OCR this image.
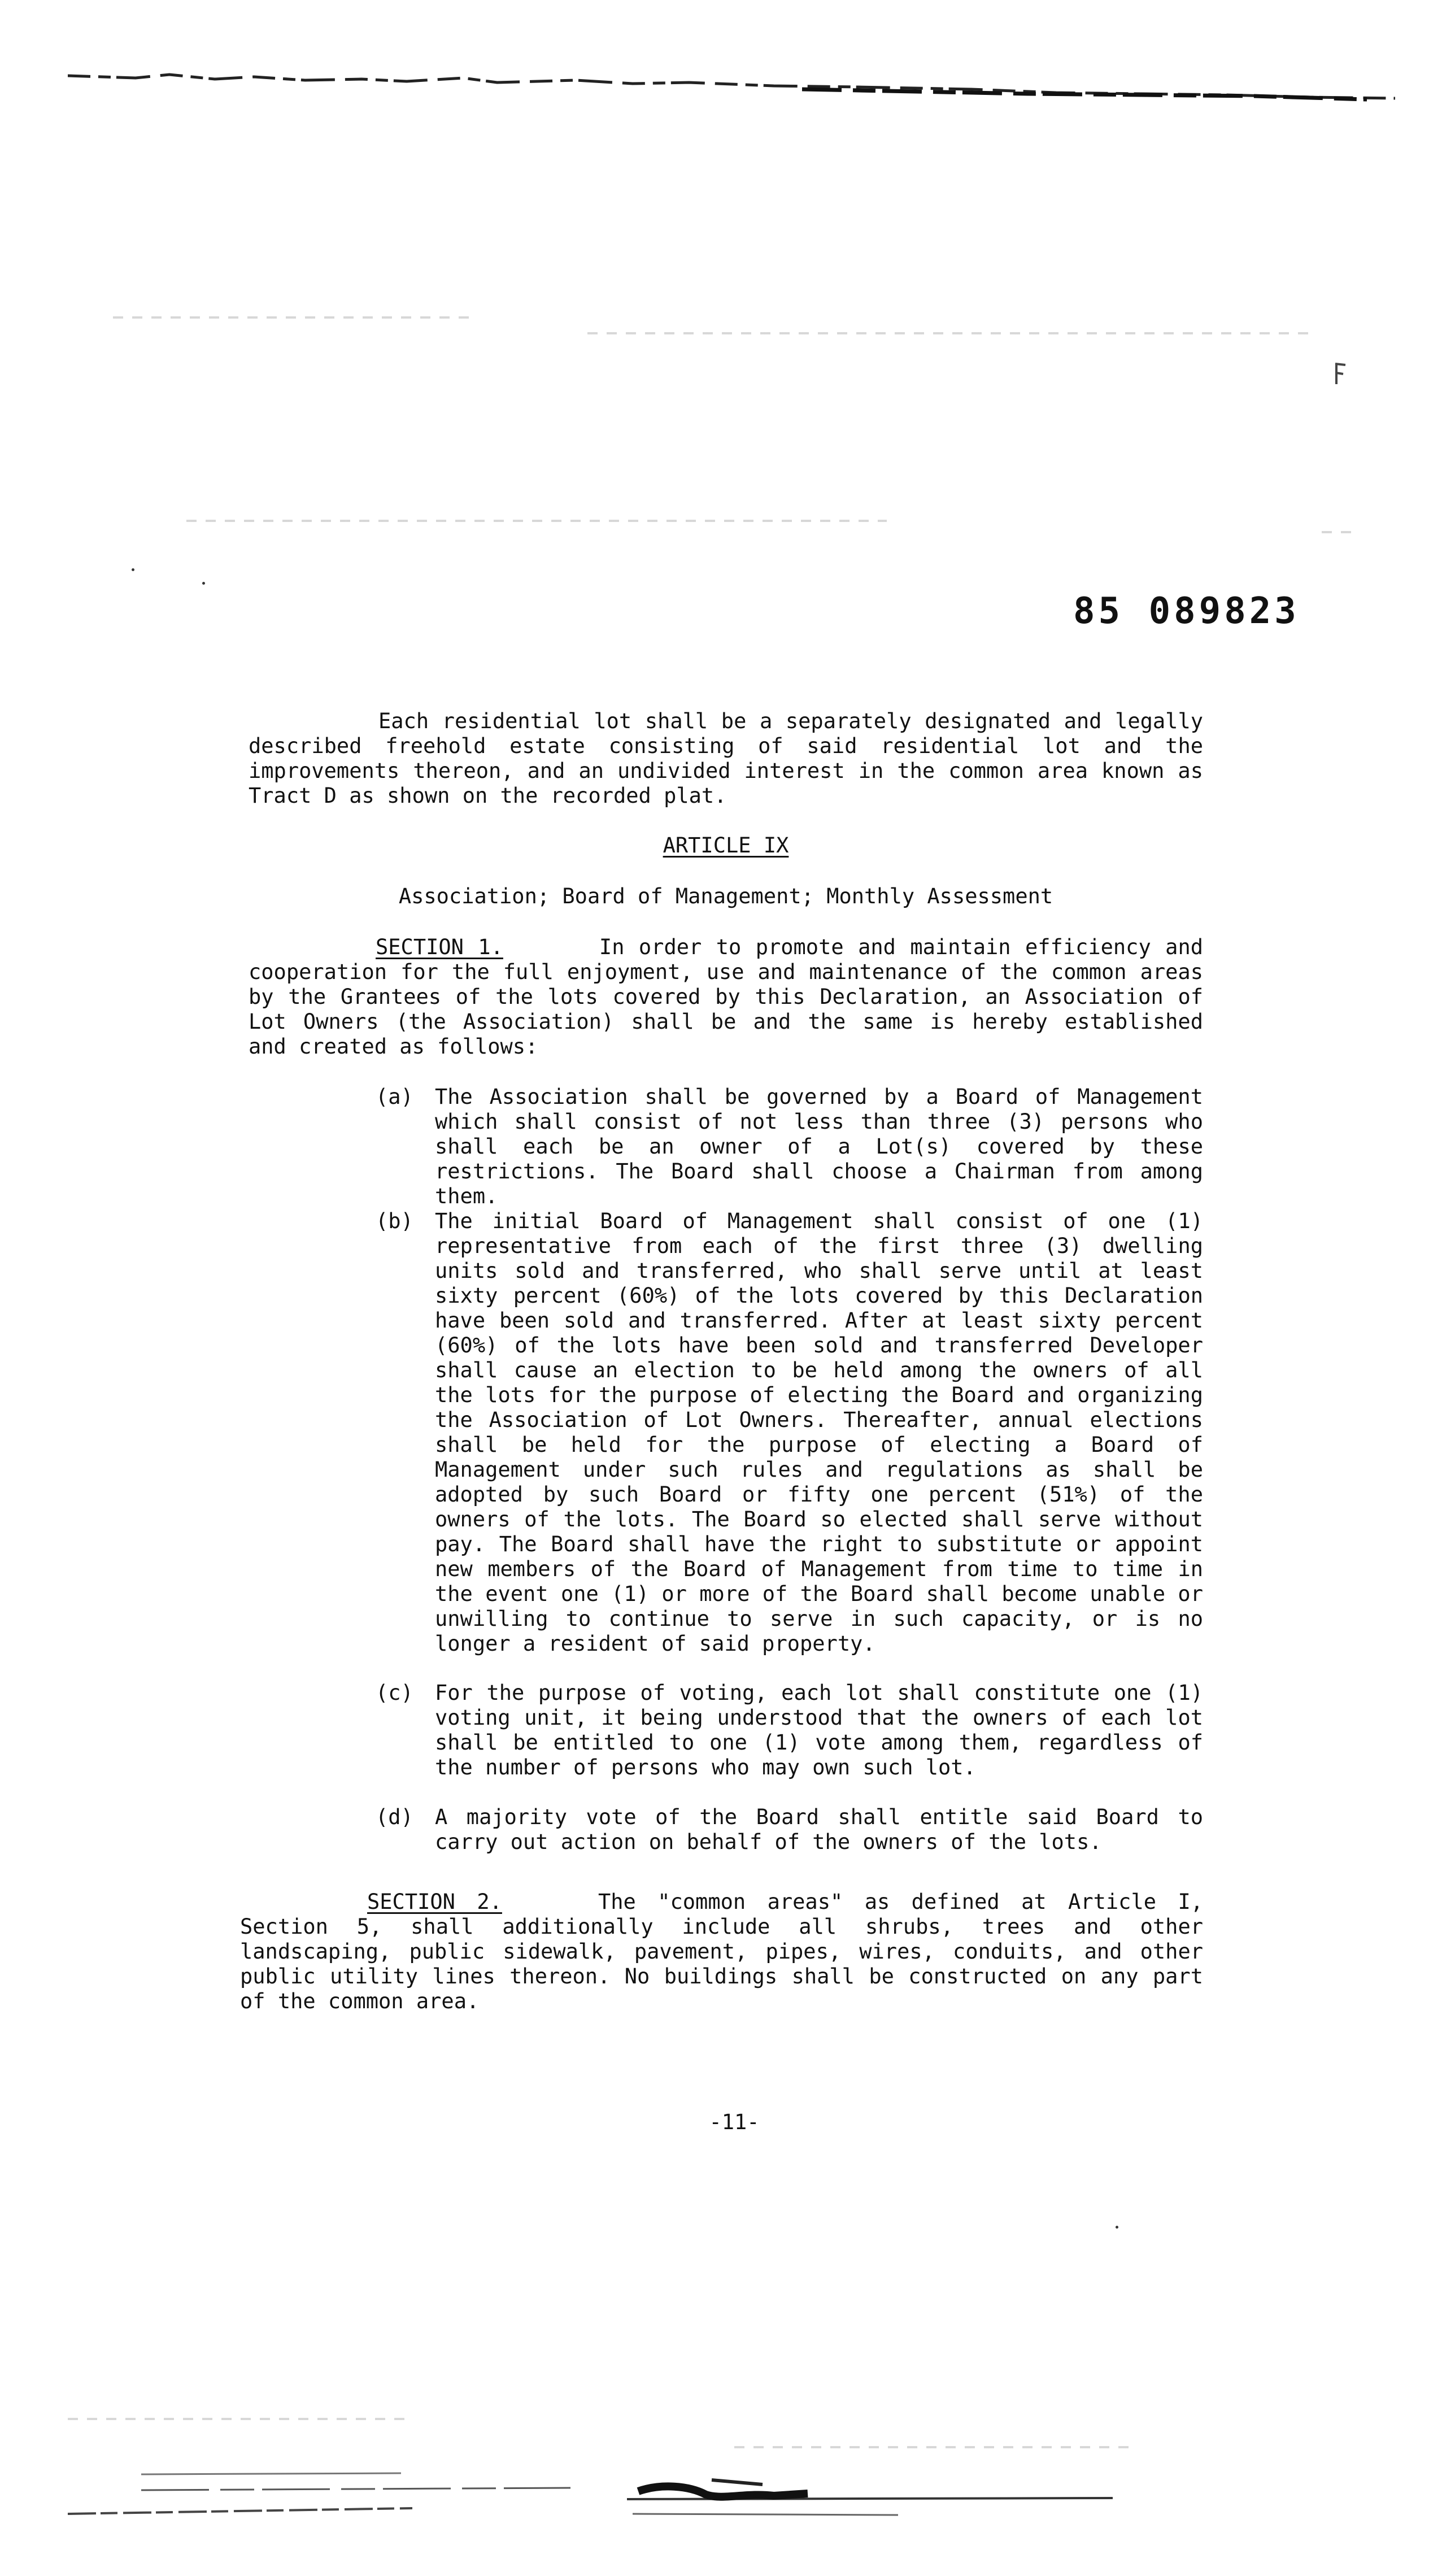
85 089823

Each residential lot shall be a separately designated and legally described freehold estate consisting of said residential lot and the improvements thereon, and an undivided interest in the common area known as Tract D as shown on the recorded plat.

ARTICLE IX
Association; Board of Management; Monthly Assessment

SECTION 1.	In order to promote and maintain efficiency and cooperation for the full enjoyment, use and maintenance of the common areas by the Grantees of the lots covered by this Declaration, an Association of Lot Owners (the Association) shall be and the same is hereby established and created as follows:

(a)	The Association shall be governed by a Board of Management which shall consist of not less than three (3) persons who shall each be an owner of a Lot(s) covered by these restrictions. The Board shall choose a Chairman from among them.

(b)	The initial Board of Management shall consist of one (1) representative from each of the first three (3) dwelling units sold and transferred, who shall serve until at least sixty percent (60%) of the lots covered by this Declaration have been sold and transferred. After at least sixty percent (60%) of the lots have been sold and transferred Developer shall cause an election to be held among the owners of all the lots for the purpose of electing the Board and organizing the Association of Lot Owners. Thereafter, annual elections shall be held for the purpose of electing a Board of Management under such rules and regulations as shall be adopted by such Board or fifty one percent (51%) of the owners of the lots. The Board so elected shall serve without pay. The Board shall have the right to substitute or appoint new members of the Board of Management from time to time in the event one (1) or more of the Board shall become unable or unwilling to continue to serve in such capacity, or is no longer a resident of said property.

(c)	For the purpose of voting, each lot shall constitute one (1) voting unit, it being understood that the owners of each lot shall be entitled to one (1) vote among them, regardless of the number of persons who may own such lot.

(d)	A majority vote of the Board shall entitle said Board to carry out action on behalf of the owners of the lots.

SECTION 2.	The "common areas" as defined at Article I, Section 5, shall additionally include all shrubs, trees and other landscaping, public sidewalk, pavement, pipes, wires, conduits, and other public utility lines thereon. No buildings shall be constructed on any part of the common area.

-11-
